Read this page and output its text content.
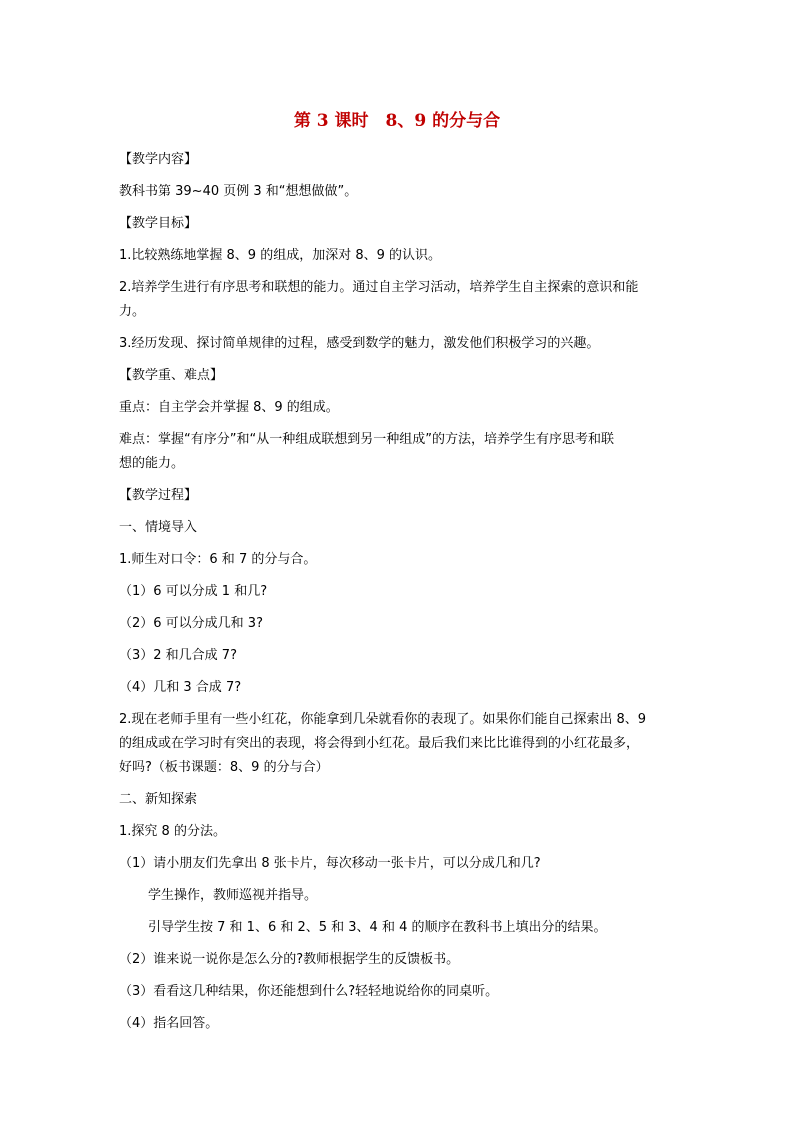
第 3 课时　8、9 的分与合
【教学内容】
教科书第 39~40 页例 3 和“想想做做”。
【教学目标】
1.比较熟练地掌握 8、9 的组成，加深对 8、9 的认识。
2.培养学生进行有序思考和联想的能力。通过自主学习活动，培养学生自主探索的意识和能
力。
3.经历发现、探讨简单规律的过程，感受到数学的魅力，激发他们积极学习的兴趣。
【教学重、难点】
重点：自主学会并掌握 8、9 的组成。
难点：掌握“有序分”和“从一种组成联想到另一种组成”的方法，培养学生有序思考和联
想的能力。
【教学过程】
一、情境导入
1.师生对口令：6 和 7 的分与合。
（1）6 可以分成 1 和几?
（2）6 可以分成几和 3?
（3）2 和几合成 7?
（4）几和 3 合成 7?
2.现在老师手里有一些小红花，你能拿到几朵就看你的表现了。如果你们能自己探索出 8、9
的组成或在学习时有突出的表现，将会得到小红花。最后我们来比比谁得到的小红花最多，
好吗?（板书课题：8、9 的分与合）
二、新知探索
1.探究 8 的分法。
（1）请小朋友们先拿出 8 张卡片，每次移动一张卡片，可以分成几和几?
学生操作，教师巡视并指导。
引导学生按 7 和 1、6 和 2、5 和 3、4 和 4 的顺序在教科书上填出分的结果。
（2）谁来说一说你是怎么分的?教师根据学生的反馈板书。
（3）看看这几种结果，你还能想到什么?轻轻地说给你的同桌听。
（4）指名回答。
